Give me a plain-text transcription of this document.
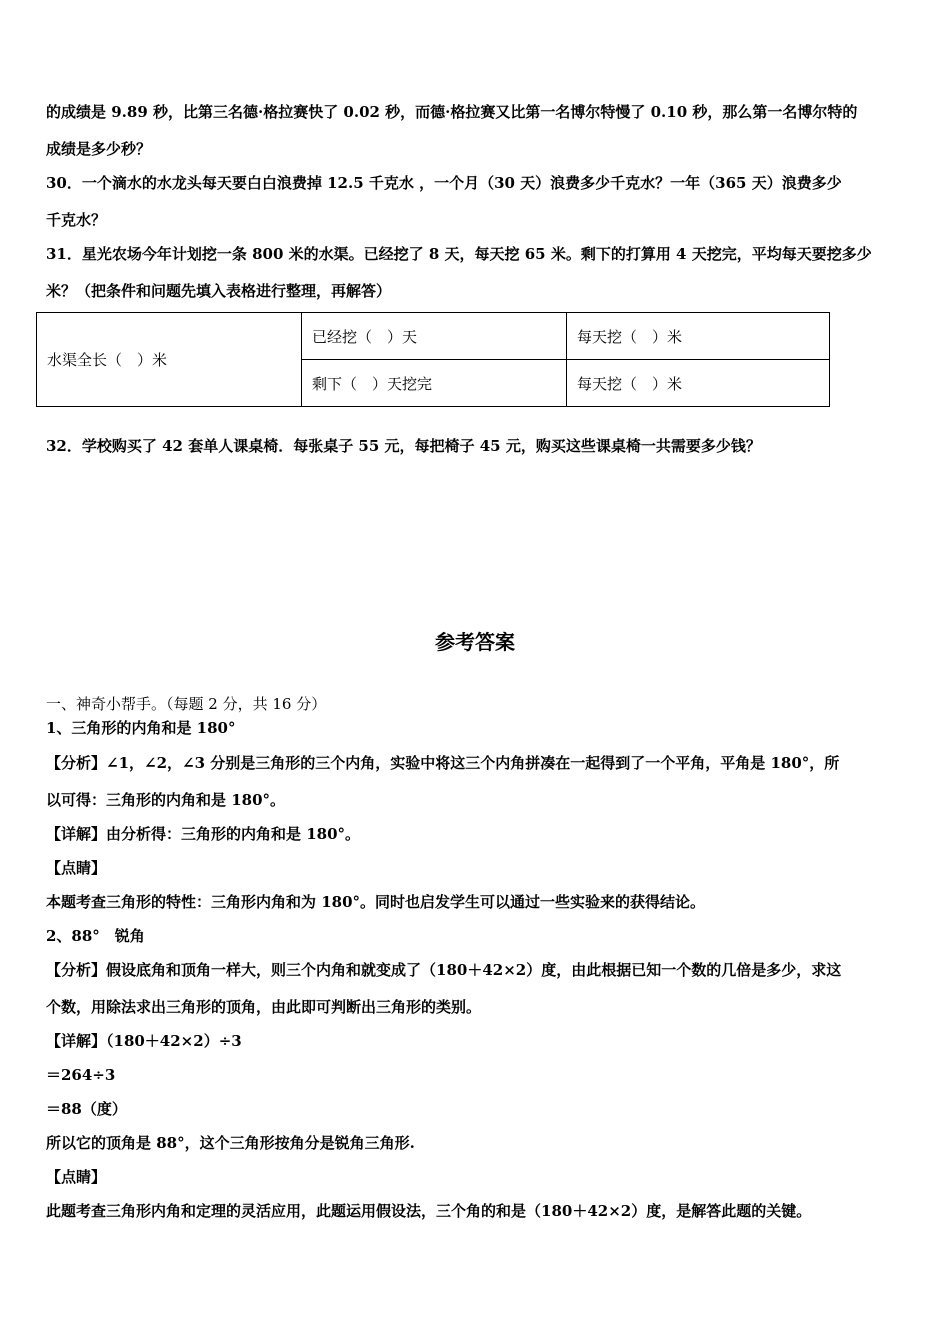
的成绩是 9.89 秒，比第三名德·格拉赛快了 0.02 秒，而德·格拉赛又比第一名博尔特慢了 0.10 秒，那么第一名博尔特的
成绩是多少秒？
30．一个滴水的水龙头每天要白白浪费掉 12.5 千克水 ，一个月（30 天）浪费多少千克水？一年（365 天）浪费多少
千克水？
31．星光农场今年计划挖一条 800 米的水渠。已经挖了 8 天，每天挖 65 米。剩下的打算用 4 天挖完，平均每天要挖多少
米？（把条件和问题先填入表格进行整理，再解答）
水渠全长（　）米	已经挖（　）天	每天挖（　）米
	剩下（　）天挖完	每天挖（　）米
32．学校购买了 42 套单人课桌椅．每张桌子 55 元，每把椅子 45 元，购买这些课桌椅一共需要多少钱？
参考答案
一、神奇小帮手。（每题 2 分，共 16 分）
1、三角形的内角和是 180°
【分析】∠1，∠2，∠3 分别是三角形的三个内角，实验中将这三个内角拼凑在一起得到了一个平角，平角是 180°，所
以可得：三角形的内角和是 180°。
【详解】由分析得：三角形的内角和是 180°。
【点睛】
本题考查三角形的特性：三角形内角和为 180°。同时也启发学生可以通过一些实验来的获得结论。
2、88°　锐角
【分析】假设底角和顶角一样大，则三个内角和就变成了（180＋42×2）度，由此根据已知一个数的几倍是多少，求这
个数，用除法求出三角形的顶角，由此即可判断出三角形的类别。
【详解】（180＋42×2）÷3
＝264÷3
＝88（度）
所以它的顶角是 88°，这个三角形按角分是锐角三角形.
【点睛】
此题考查三角形内角和定理的灵活应用，此题运用假设法，三个角的和是（180＋42×2）度，是解答此题的关键。
